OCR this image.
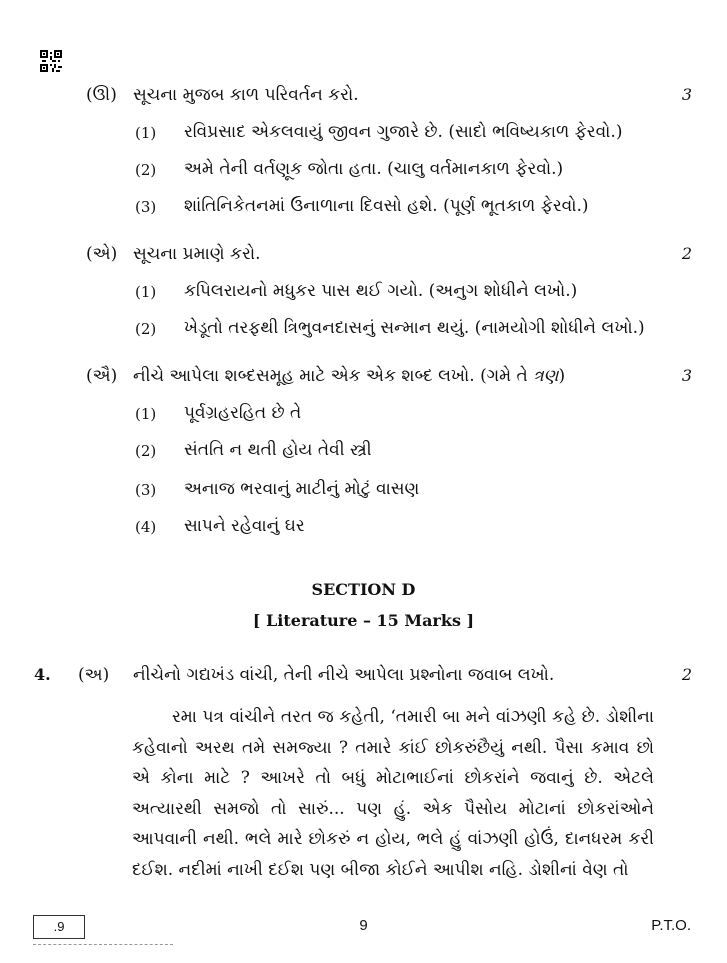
(ઊ) સૂચના મુજબ કાળ પરિવર્તન કરો.	3
(1) રવિપ્રસાદ એકલવાયું જીવન ગુજારે છે. (સાદો ભવિષ્યકાળ ફેરવો.)
(2) અમે તેની વર્તણૂક જોતા હતા. (ચાલુ વર્તમાનકાળ ફેરવો.)
(3) શાંતિનિકેતનમાં ઉનાળાના દિવસો હશે. (પૂર્ણ ભૂતકાળ ફેરવો.)
(એ) સૂચના પ્રમાણે કરો.	2
(1) કપિલરાયનો મધુકર પાસ થઈ ગયો. (અનુગ શોધીને લખો.)
(2) ખેડૂતો તરફથી ત્રિભુવનદાસનું સન્માન થયું. (નામયોગી શોધીને લખો.)
(ઐ) નીચે આપેલા શબ્દસમૂહ માટે એક એક શબ્દ લખો. (ગમે તે ત્રણ)	3
(1) પૂર્વગ્રહરહિત છે તે
(2) સંતતિ ન થતી હોય તેવી સ્ત્રી
(3) અનાજ ભરવાનું માટીનું મોટું વાસણ
(4) સાપને રહેવાનું ઘર
SECTION D
[ Literature – 15 Marks ]
4. (અ) નીચેનો ગદ્યખંડ વાંચી, તેની નીચે આપેલા પ્રશ્નોના જવાબ લખો.	2

રમા પત્ર વાંચીને તરત જ કહેતી, ‘તમારી બા મને વાંઝણી કહે છે. ડોશીના કહેવાનો અરથ તમે સમજ્યા ? તમારે કાંઈ છોકરુંછૈયું નથી. પૈસા કમાવ છો એ કોના માટે ? આખરે તો બધું મોટાભાઈનાં છોકરાંને જવાનું છે. એટલે અત્યારથી સમજો તો સારું... પણ હું. એક પૈસોય મોટાનાં છોકરાંઓને આપવાની નથી. ભલે મારે છોકરું ન હોય, ભલે હું વાંઝણી હોઉં, દાનધરમ કરી દઈશ. નદીમાં નાખી દઈશ પણ બીજા કોઈને આપીશ નહિ. ડોશીનાં વેણ તો

.9	9	P.T.O.
